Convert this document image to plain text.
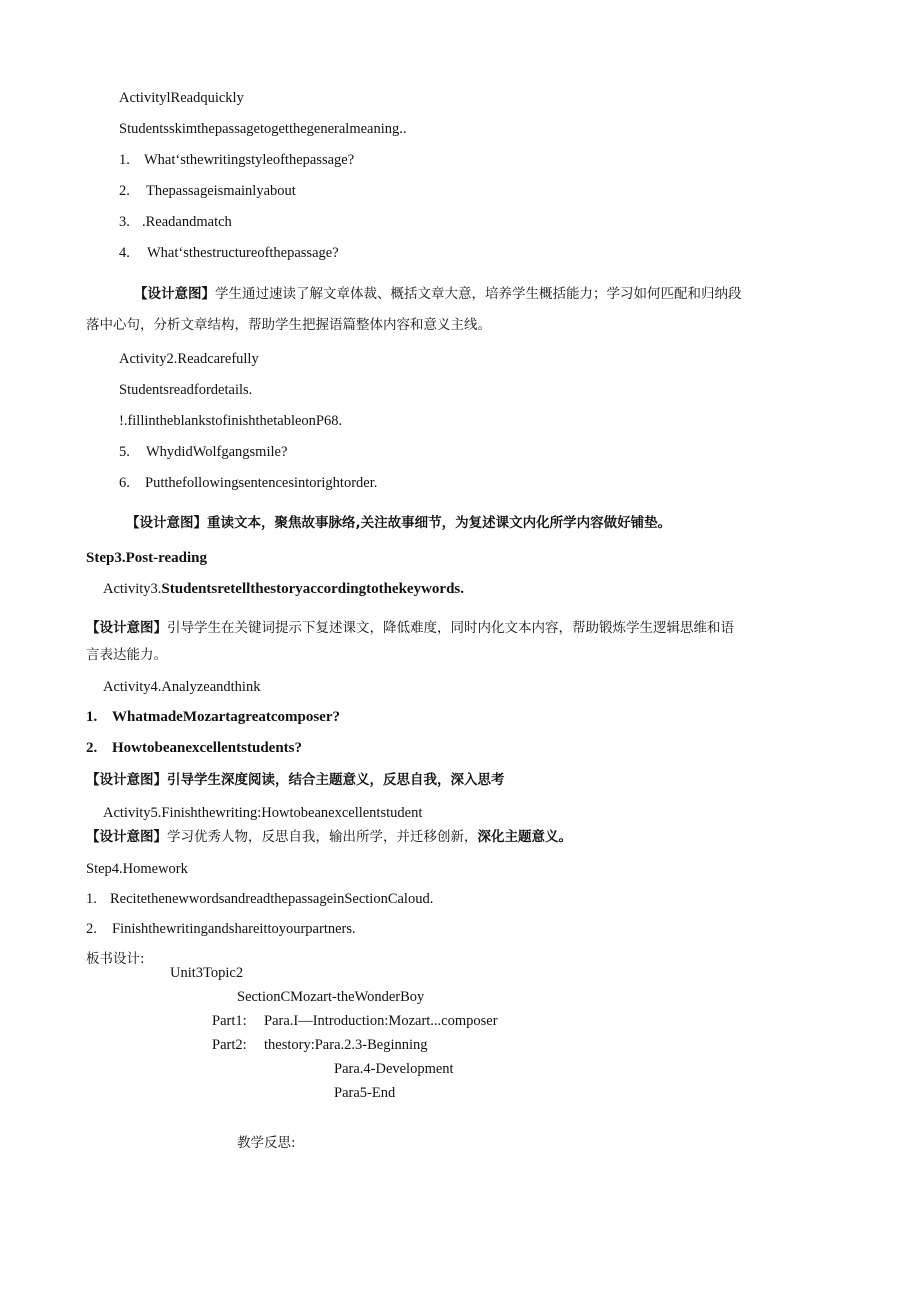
ActivitylReadquickly
Studentsskimthepassagetogetthegeneralmeaning..
1. What‘sthewritingstyleofthepassage?
2. Thepassageismainlyabout
3. .Readandmatch
4. What‘sthestructureofthepassage?
【设计意图】学生通过速读了解文章体裁、概括文章大意，培养学生概括能力；学习如何匹配和归纳段
落中心句，分析文章结构，帮助学生把握语篇整体内容和意义主线。
Activity2.Readcarefully
Studentsreadfordetails.
!.fillintheblankstofinishthetableonP68.
5. WhydidWolfgangsmile?
6. Putthefollowingsentencesintorightorder.
【设计意图】重读文本，聚焦故事脉络,关注故事细节，为复述课文内化所学内容做好铺垫。
Step3.Post-reading
Activity3.Studentsretellthestoryaccordingtothekeywords.
【设计意图】引导学生在关键词提示下复述课文，降低难度，同时内化文本内容，帮助锻炼学生逻辑思维和语
言表达能力。
Activity4.Analyzeandthink
1. WhatmadeMozartagreatcomposer?
2. Howtobeanexcellentstudents?
【设计意图】引导学生深度阅读，结合主题意义，反思自我，深入思考
Activity5.Finishthewriting:Howtobeanexcellentstudent
【设计意图】学习优秀人物，反思自我，输出所学，并迁移创新，深化主题意义。
Step4.Homework
1. RecitethenewwordsandreadthepassageinSectionCaloud.
2. Finishthewritingandshareittoyourpartners.
板书设计:
Unit3Topic2
SectionCMozart-theWonderBoy
Part1: Para.I—Introduction:Mozart...composer
Part2: thestory:Para.2.3-Beginning
Para.4-Development
Para5-End
教学反思:
